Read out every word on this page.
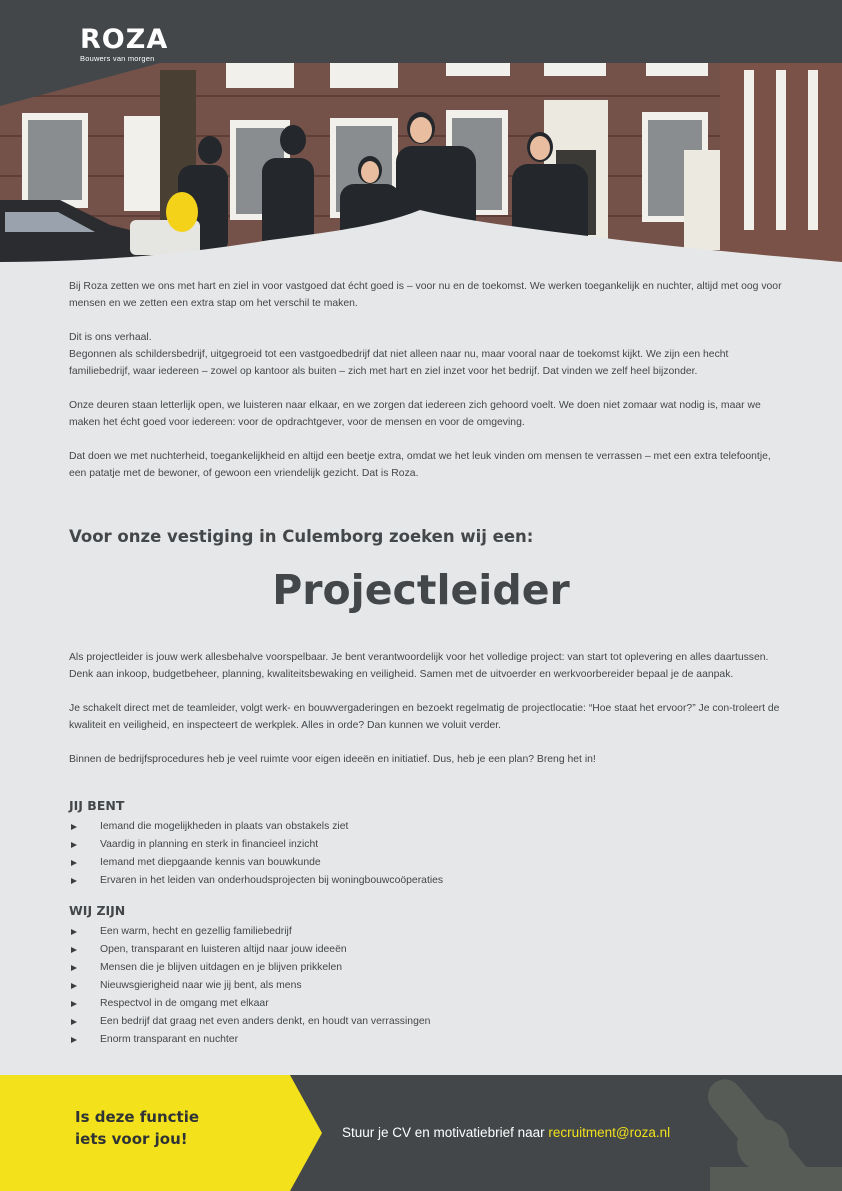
ROZA
Bouwers van morgen

Bij Roza zetten we ons met hart en ziel in voor vastgoed dat écht goed is – voor nu en de toekomst. We werken toegankelijk en nuchter, altijd met oog voor mensen en we zetten een extra stap om het verschil te maken.

Dit is ons verhaal.
Begonnen als schildersbedrijf, uitgegroeid tot een vastgoedbedrijf dat niet alleen naar nu, maar vooral naar de toekomst kijkt. We zijn een hecht familiebedrijf, waar iedereen – zowel op kantoor als buiten – zich met hart en ziel inzet voor het bedrijf. Dat vinden we zelf heel bijzonder.

Onze deuren staan letterlijk open, we luisteren naar elkaar, en we zorgen dat iedereen zich gehoord voelt. We doen niet zomaar wat nodig is, maar we maken het écht goed voor iedereen: voor de opdrachtgever, voor de mensen en voor de omgeving.

Dat doen we met nuchterheid, toegankelijkheid en altijd een beetje extra, omdat we het leuk vinden om mensen te verrassen – met een extra telefoontje, een patatje met de bewoner, of gewoon een vriendelijk gezicht. Dat is Roza.

Voor onze vestiging in Culemborg zoeken wij een:
Projectleider

Als projectleider is jouw werk allesbehalve voorspelbaar. Je bent verantwoordelijk voor het volledige project: van start tot oplevering en alles daartussen. Denk aan inkoop, budgetbeheer, planning, kwaliteitsbewaking en veiligheid. Samen met de uitvoerder en werkvoorbereider bepaal je de aanpak.

Je schakelt direct met de teamleider, volgt werk- en bouwvergaderingen en bezoekt regelmatig de projectlocatie: “Hoe staat het ervoor?” Je con-troleert de kwaliteit en veiligheid, en inspecteert de werkplek. Alles in orde? Dan kunnen we voluit verder.

Binnen de bedrijfsprocedures heb je veel ruimte voor eigen ideeën en initiatief. Dus, heb je een plan? Breng het in!

JIJ BENT
Iemand die mogelijkheden in plaats van obstakels ziet
Vaardig in planning en sterk in financieel inzicht
Iemand met diepgaande kennis van bouwkunde
Ervaren in het leiden van onderhoudsprojecten bij woningbouwcoöperaties
WIJ ZIJN
Een warm, hecht en gezellig familiebedrijf
Open, transparant en luisteren altijd naar jouw ideeën
Mensen die je blijven uitdagen en je blijven prikkelen
Nieuwsgierigheid naar wie jij bent, als mens
Respectvol in de omgang met elkaar
Een bedrijf dat graag net even anders denkt, en houdt van verrassingen
Enorm transparant en nuchter

Is deze functie
iets voor jou!	Stuur je CV en motivatiebrief naar recruitment@roza.nl
